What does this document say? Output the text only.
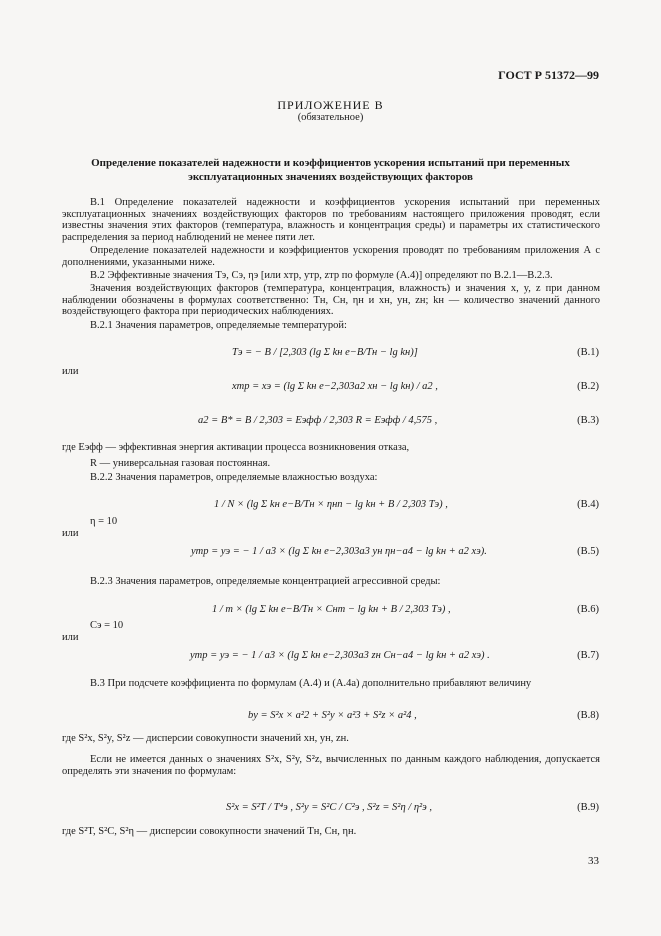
ГОСТ Р 51372—99
ПРИЛОЖЕНИЕ В
(обязательное)
Определение показателей надежности и коэффициентов ускорения испытаний при переменных
эксплуатационных значениях воздействующих факторов
В.1 Определение показателей надежности и коэффициентов ускорения испытаний при переменных эксплуатационных значениях воздействующих факторов по требованиям настоящего приложения проводят, если известны значения этих факторов (температура, влажность и концентрация среды) и параметры их статистического распределения за период наблюдений не менее пяти лет.
Определение показателей надежности и коэффициентов ускорения проводят по требованиям приложения А с дополнениями, указанными ниже.
В.2 Эффективные значения Tэ, Cэ, ηэ [или xтр, yтр, zтр по формуле (А.4)] определяют по В.2.1—В.2.3.
Значения воздействующих факторов (температура, концентрация, влажность) и значения x, y, z при данном наблюдении обозначены в формулах соответственно: Tн, Cн, ηн и xн, yн, zн; kн — количество значений данного воздействующего фактора при периодических наблюдениях.
В.2.1 Значения параметров, определяемые температурой:
Tэ = − B / [2,303 (lg Σ kн e−B/Tн − lg kн)]	(В.1)
или
xтр = xэ = (lg Σ kн e−2,303a2 xн − lg kн) / a2 ,	(В.2)
a2 = B* = B / 2,303 = Eэфф / 2,303 R = Eэфф / 4,575 ,	(В.3)
где Eэфф — эффективная энергия активации процесса возникновения отказа,
R — универсальная газовая постоянная.
В.2.2 Значения параметров, определяемые влажностью воздуха:
1 / N × (lg Σ kн e−B/Tн × ηнn − lg kн + B / 2,303 Tэ) ,	(В.4)
η = 10
или
yтр = yэ = − 1 / a3 × (lg Σ kн e−2,303a3 yн ηн−a4 − lg kн + a2 xэ).	(В.5)
В.2.3 Значения параметров, определяемые концентрацией агрессивной среды:
1 / m × (lg Σ kн e−B/Tн × Cнm − lg kн + B / 2,303 Tэ) ,	(В.6)
Cэ = 10
или
yтр = yэ = − 1 / a3 × (lg Σ kн e−2,303a3 zн Cн−a4 − lg kн + a2 xэ) .	(В.7)
В.3 При подсчете коэффициента по формулам (А.4) и (А.4а) дополнительно прибавляют величину
by = S²x × a²2 + S²y × a²3 + S²z × a²4 ,	(В.8)
где S²x, S²y, S²z — дисперсии совокупности значений xн, yн, zн.
Если не имеется данных о значениях S²x, S²y, S²z, вычисленных по данным каждого наблюдения, допускается определять эти значения по формулам:
S²x = S²T / T⁴э , S²y = S²C / C²э , S²z = S²η / η²э ,	(В.9)
где S²T, S²C, S²η — дисперсии совокупности значений Tн, Cн, ηн.
33
